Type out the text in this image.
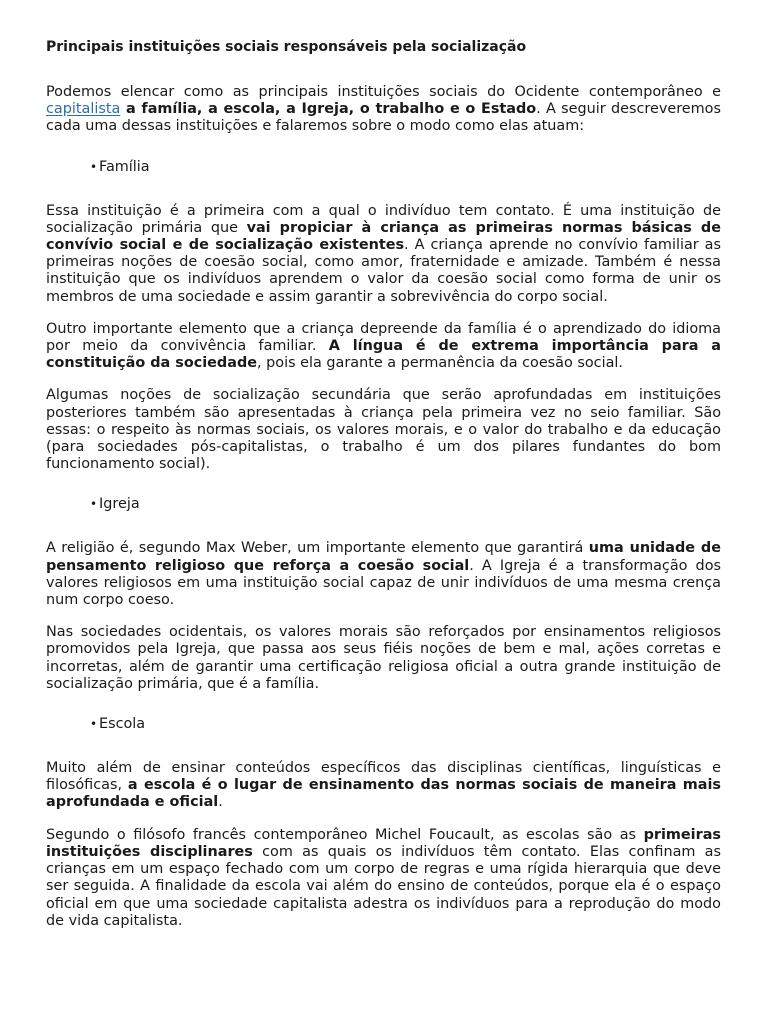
Principais instituições sociais responsáveis pela socialização

Podemos elencar como as principais instituições sociais do Ocidente contemporâneo e capitalista a família, a escola, a Igreja, o trabalho e o Estado. A seguir descreveremos cada uma dessas instituições e falaremos sobre o modo como elas atuam:

• Família

Essa instituição é a primeira com a qual o indivíduo tem contato. É uma instituição de socialização primária que vai propiciar à criança as primeiras normas básicas de convívio social e de socialização existentes. A criança aprende no convívio familiar as primeiras noções de coesão social, como amor, fraternidade e amizade. Também é nessa instituição que os indivíduos aprendem o valor da coesão social como forma de unir os membros de uma sociedade e assim garantir a sobrevivência do corpo social.

Outro importante elemento que a criança depreende da família é o aprendizado do idioma por meio da convivência familiar. A língua é de extrema importância para a constituição da sociedade, pois ela garante a permanência da coesão social.

Algumas noções de socialização secundária que serão aprofundadas em instituições posteriores também são apresentadas à criança pela primeira vez no seio familiar. São essas: o respeito às normas sociais, os valores morais, e o valor do trabalho e da educação (para sociedades pós-capitalistas, o trabalho é um dos pilares fundantes do bom funcionamento social).

• Igreja

A religião é, segundo Max Weber, um importante elemento que garantirá uma unidade de pensamento religioso que reforça a coesão social. A Igreja é a transformação dos valores religiosos em uma instituição social capaz de unir indivíduos de uma mesma crença num corpo coeso.

Nas sociedades ocidentais, os valores morais são reforçados por ensinamentos religiosos promovidos pela Igreja, que passa aos seus fiéis noções de bem e mal, ações corretas e incorretas, além de garantir uma certificação religiosa oficial a outra grande instituição de socialização primária, que é a família.

• Escola

Muito além de ensinar conteúdos específicos das disciplinas científicas, linguísticas e filosóficas, a escola é o lugar de ensinamento das normas sociais de maneira mais aprofundada e oficial.

Segundo o filósofo francês contemporâneo Michel Foucault, as escolas são as primeiras instituições disciplinares com as quais os indivíduos têm contato. Elas confinam as crianças em um espaço fechado com um corpo de regras e uma rígida hierarquia que deve ser seguida. A finalidade da escola vai além do ensino de conteúdos, porque ela é o espaço oficial em que uma sociedade capitalista adestra os indivíduos para a reprodução do modo de vida capitalista.
